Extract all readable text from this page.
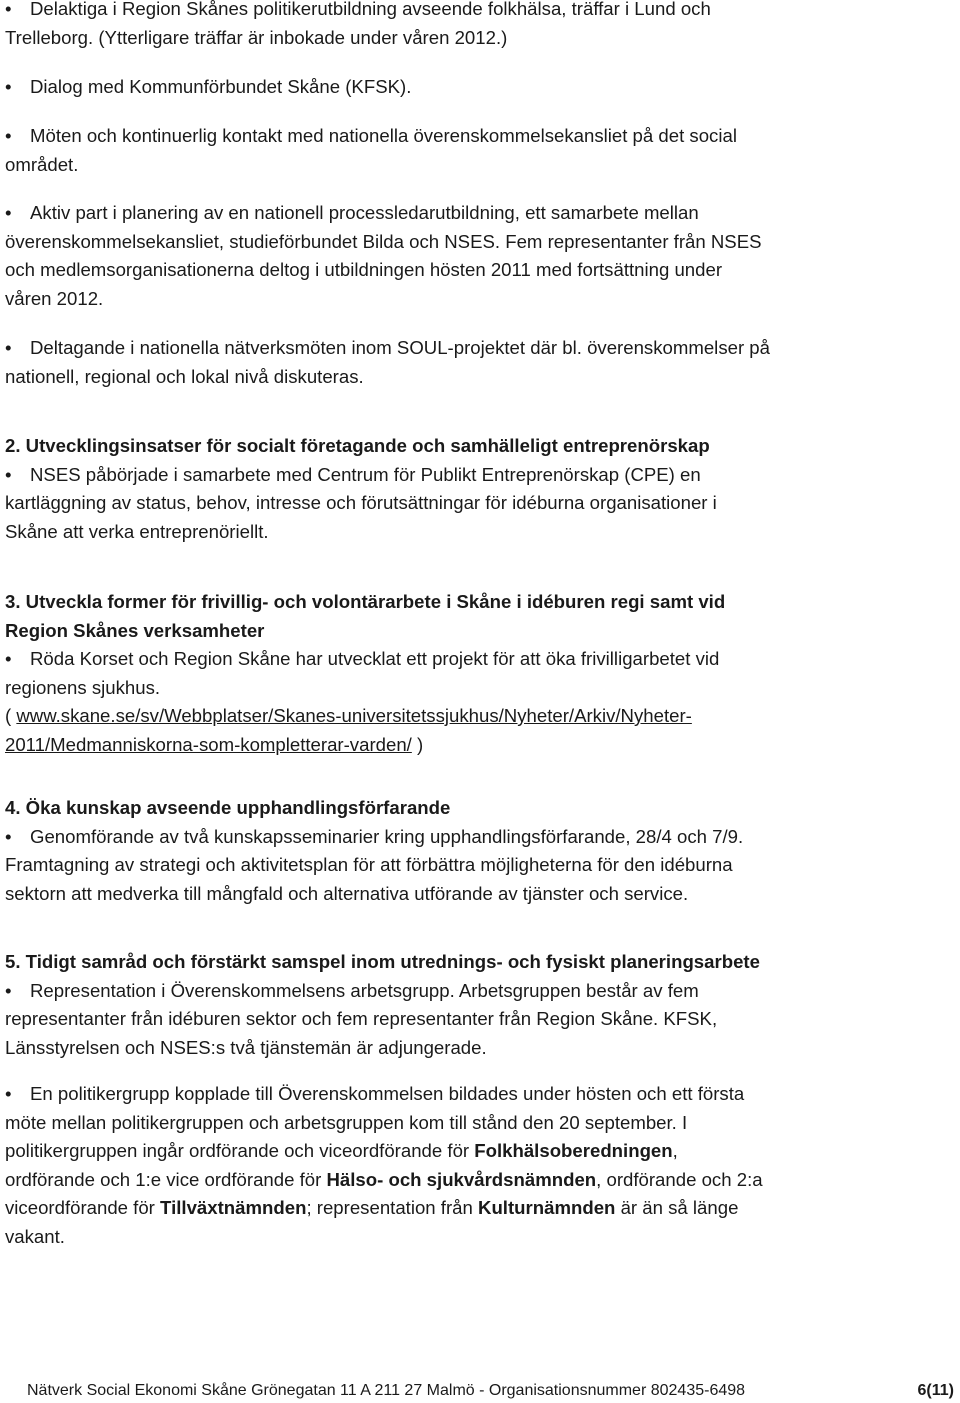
• Delaktiga i Region Skånes politikerutbildning avseende folkhälsa, träffar i Lund och
Trelleborg. (Ytterligare träffar är inbokade under våren 2012.)

• Dialog med Kommunförbundet Skåne (KFSK).

• Möten och kontinuerlig kontakt med nationella överenskommelsekansliet på det social
området.

• Aktiv part i planering av en nationell processledarutbildning, ett samarbete mellan
överenskommelsekansliet, studieförbundet Bilda och NSES. Fem representanter från NSES
och medlemsorganisationerna deltog i utbildningen hösten 2011 med fortsättning under
våren 2012.

• Deltagande i nationella nätverksmöten inom SOUL-projektet där bl. överenskommelser på
nationell, regional och lokal nivå diskuteras.

2. Utvecklingsinsatser för socialt företagande och samhälleligt entreprenörskap
• NSES påbörjade i samarbete med Centrum för Publikt Entreprenörskap (CPE) en
kartläggning av status, behov, intresse och förutsättningar för idéburna organisationer i
Skåne att verka entreprenöriellt.

3. Utveckla former för frivillig- och volontärarbete i Skåne i idéburen regi samt vid
Region Skånes verksamheter
• Röda Korset och Region Skåne har utvecklat ett projekt för att öka frivilligarbetet vid
regionens sjukhus.
( www.skane.se/sv/Webbplatser/Skanes-universitetssjukhus/Nyheter/Arkiv/Nyheter-
2011/Medmanniskorna-som-kompletterar-varden/ )

4. Öka kunskap avseende upphandlingsförfarande
• Genomförande av två kunskapsseminarier kring upphandlingsförfarande, 28/4 och 7/9.
Framtagning av strategi och aktivitetsplan för att förbättra möjligheterna för den idéburna
sektorn att medverka till mångfald och alternativa utförande av tjänster och service.

5. Tidigt samråd och förstärkt samspel inom utrednings- och fysiskt planeringsarbete
• Representation i Överenskommelsens arbetsgrupp. Arbetsgruppen består av fem
representanter från idéburen sektor och fem representanter från Region Skåne. KFSK,
Länsstyrelsen och NSES:s två tjänstemän är adjungerade.

• En politikergrupp kopplade till Överenskommelsen bildades under hösten och ett första
möte mellan politikergruppen och arbetsgruppen kom till stånd den 20 september. I
politikergruppen ingår ordförande och viceordförande för Folkhälsoberedningen,
ordförande och 1:e vice ordförande för Hälso- och sjukvårdsnämnden, ordförande och 2:a
viceordförande för Tillväxtnämnden; representation från Kulturnämnden är än så länge
vakant.

Nätverk Social Ekonomi Skåne Grönegatan 11 A 211 27 Malmö - Organisationsnummer 802435-6498	6(11)
